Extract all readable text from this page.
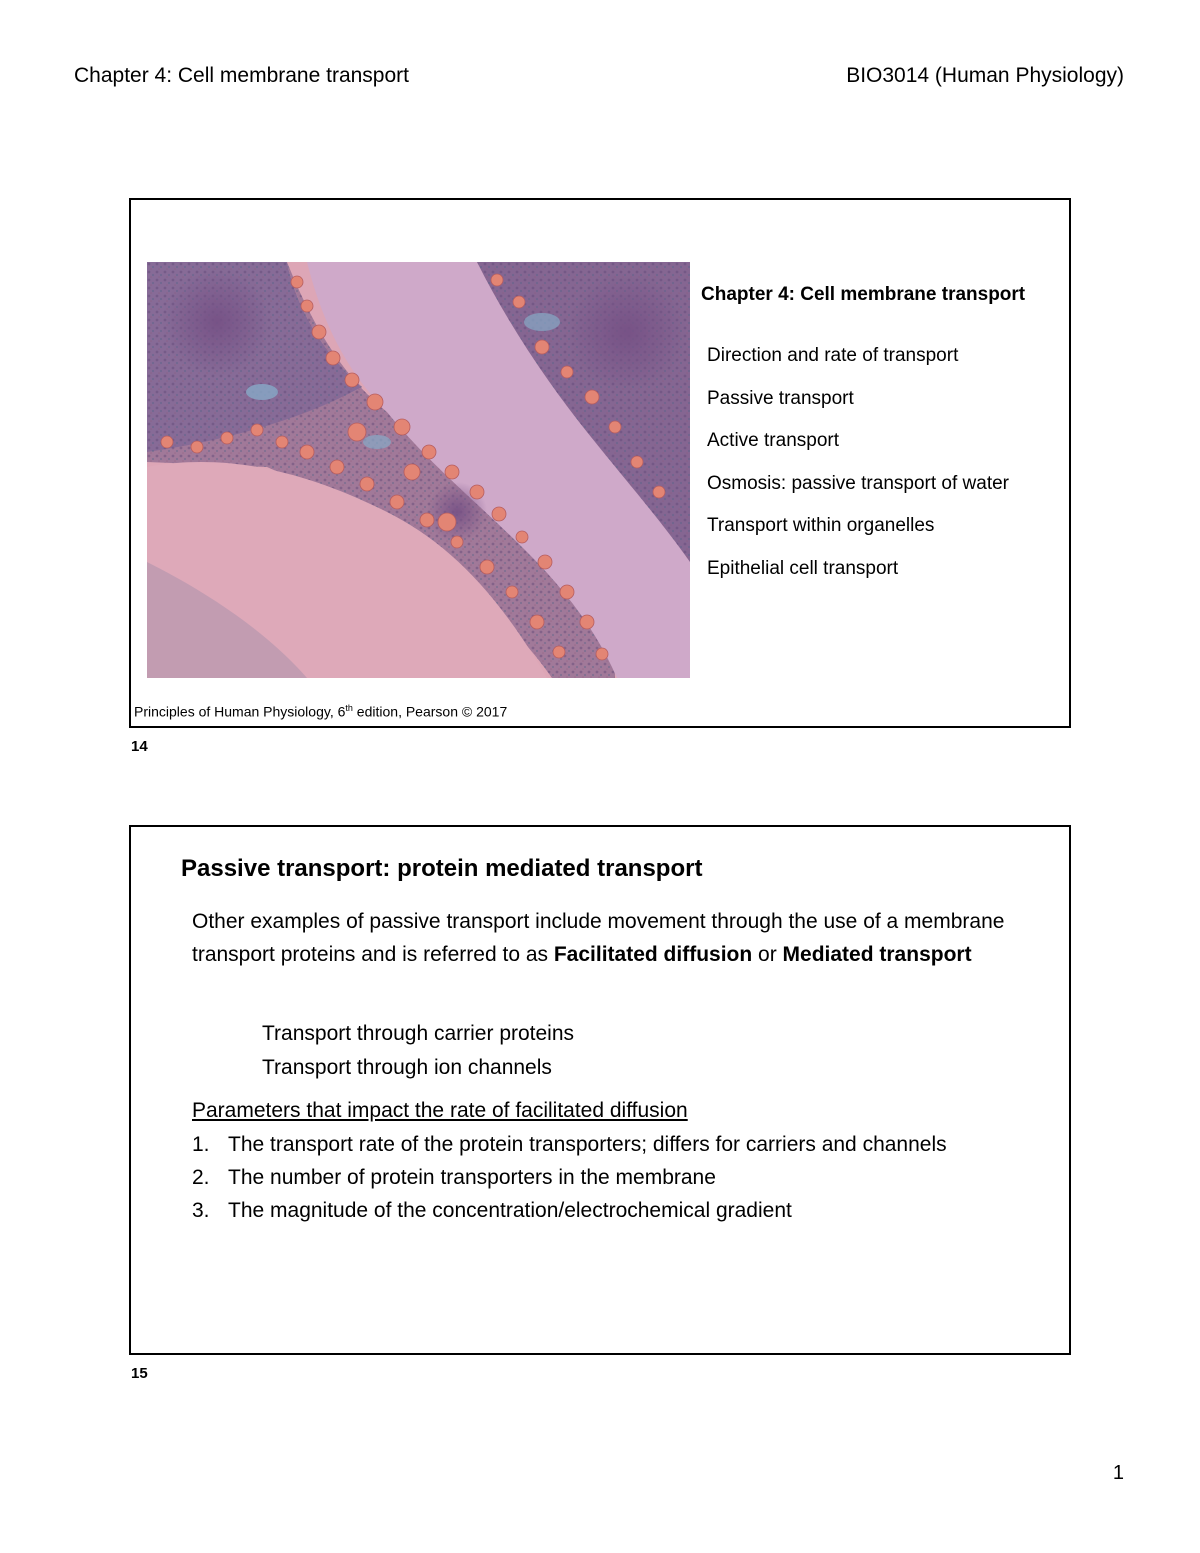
Chapter 4: Cell membrane transport	BIO3014 (Human Physiology)
Chapter 4: Cell membrane transport
Direction and rate of transport
Passive transport
Active transport
Osmosis: passive transport of water
Transport within organelles
Epithelial cell transport
Principles of Human Physiology, 6th edition, Pearson © 2017
14
Passive transport: protein mediated transport

Other examples of passive transport include movement through the use of a membrane transport proteins and is referred to as Facilitated diffusion or Mediated transport

Transport through carrier proteins
Transport through ion channels
Parameters that impact the rate of facilitated diffusion
1. The transport rate of the protein transporters; differs for carriers and channels
2. The number of protein transporters in the membrane
3. The magnitude of the concentration/electrochemical gradient
15
1
